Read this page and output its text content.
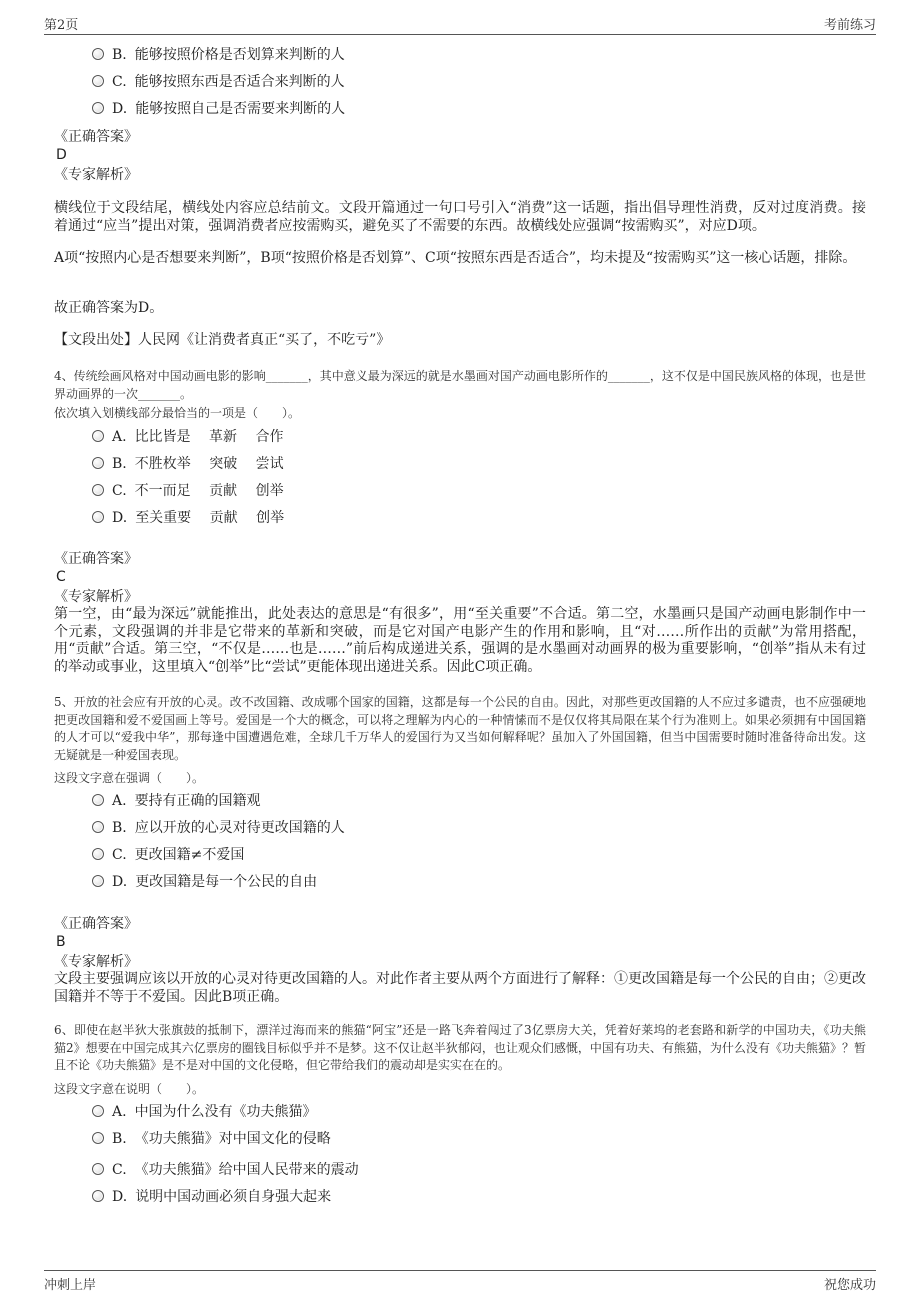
第2页	考前练习
B. 能够按照价格是否划算来判断的人
C. 能够按照东西是否适合来判断的人
D. 能够按照自己是否需要来判断的人
《正确答案》
D
《专家解析》
横线位于文段结尾，横线处内容应总结前文。文段开篇通过一句口号引入“消费”这一话题，指出倡导理性消费，反对过度消费。接着通过“应当”提出对策，强调消费者应按需购买，避免买了不需要的东西。故横线处应强调“按需购买”，对应D项。
A项“按照内心是否想要来判断”，B项“按照价格是否划算”、C项“按照东西是否适合”，均未提及“按需购买”这一核心话题，排除。
故正确答案为D。
【文段出处】人民网《让消费者真正“买了，不吃亏”》
4、传统绘画风格对中国动画电影的影响_______，其中意义最为深远的就是水墨画对国产动画电影所作的_______，这不仅是中国民族风格的体现，也是世界动画界的一次_______。
依次填入划横线部分最恰当的一项是（　　）。
A. 比比皆是　 革新　 合作
B. 不胜枚举　 突破　 尝试
C. 不一而足　 贡献　 创举
D. 至关重要　 贡献　 创举
《正确答案》
C
《专家解析》
第一空，由“最为深远”就能推出，此处表达的意思是“有很多”，用“至关重要”不合适。第二空，水墨画只是国产动画电影制作中一个元素，文段强调的并非是它带来的革新和突破，而是它对国产电影产生的作用和影响，且“对……所作出的贡献”为常用搭配，用“贡献”合适。第三空，“不仅是……也是……”前后构成递进关系，强调的是水墨画对动画界的极为重要影响，“创举”指从未有过的举动或事业，这里填入“创举”比“尝试”更能体现出递进关系。因此C项正确。
5、开放的社会应有开放的心灵。改不改国籍、改成哪个国家的国籍，这都是每一个公民的自由。因此，对那些更改国籍的人不应过多谴责，也不应强硬地把更改国籍和爱不爱国画上等号。爱国是一个大的概念，可以将之理解为内心的一种情愫而不是仅仅将其局限在某个行为准则上。如果必须拥有中国国籍的人才可以“爱我中华”，那每逢中国遭遇危难，全球几千万华人的爱国行为又当如何解释呢？虽加入了外国国籍，但当中国需要时随时准备待命出发。这无疑就是一种爱国表现。
这段文字意在强调（　　）。
A. 要持有正确的国籍观
B. 应以开放的心灵对待更改国籍的人
C. 更改国籍≠不爱国
D. 更改国籍是每一个公民的自由
《正确答案》
B
《专家解析》
文段主要强调应该以开放的心灵对待更改国籍的人。对此作者主要从两个方面进行了解释：①更改国籍是每一个公民的自由；②更改国籍并不等于不爱国。因此B项正确。
6、即使在赵半狄大张旗鼓的抵制下，漂洋过海而来的熊猫“阿宝”还是一路飞奔着闯过了3亿票房大关，凭着好莱坞的老套路和新学的中国功夫，《功夫熊猫2》想要在中国完成其六亿票房的圈钱目标似乎并不是梦。这不仅让赵半狄郁闷，也让观众们感慨，中国有功夫、有熊猫，为什么没有《功夫熊猫》？暂且不论《功夫熊猫》是不是对中国的文化侵略，但它带给我们的震动却是实实在在的。
这段文字意在说明（　　）。
A. 中国为什么没有《功夫熊猫》
B. 《功夫熊猫》对中国文化的侵略
C. 《功夫熊猫》给中国人民带来的震动
D. 说明中国动画必须自身强大起来
冲刺上岸	祝您成功
